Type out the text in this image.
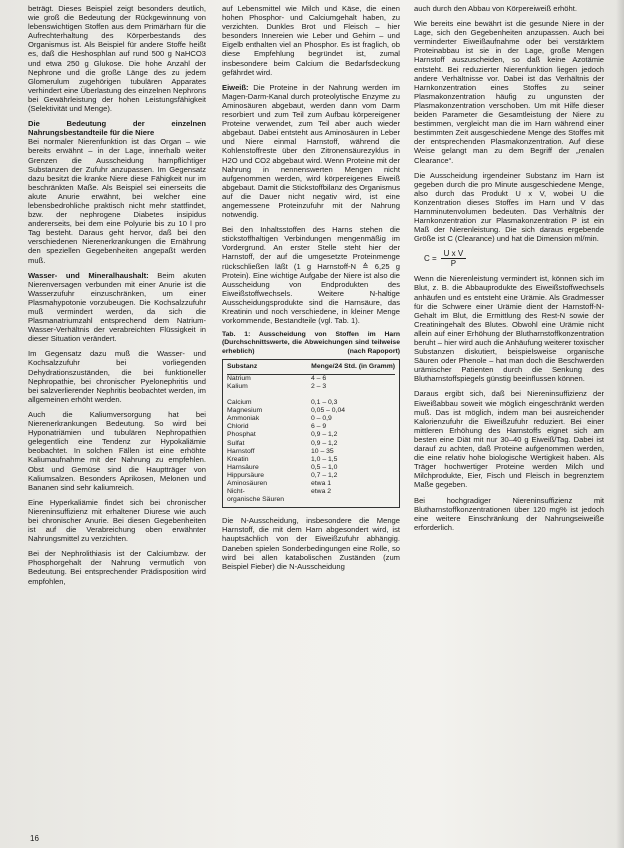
beträgt. Dieses Beispiel zeigt besonders deutlich, wie groß die Bedeutung der Rückgewinnung von lebenswichtigen Stoffen aus dem Primärharn für die Aufrechterhaltung des Körperbestands des Organismus ist. Als Beispiel für andere Stoffe heißt es, daß die Heshosphlan auf rund 500 g NaHCO3 und etwa 250 g Glukose. Die hohe Anzahl der Nephrone und die große Länge des zu jedem Glomerulum zugehörigen tubulären Apparates verhindert eine Überlastung des einzelnen Nephrons bei Gewährleistung der hohen Leistungsfähigkeit (Selektivität und Menge).

Die Bedeutung der einzelnen Nahrungsbestandteile für die Niere

Bei normaler Nierenfunktion ist das Organ – wie bereits erwähnt – in der Lage, innerhalb weiter Grenzen die Ausscheidung harnpflichtiger Substanzen der Zufuhr anzupassen. Im Gegensatz dazu besitzt die kranke Niere diese Fähigkeit nur im beschränkten Maße. Als Beispiel sei einerseits die akute Anurie erwähnt, bei welcher eine lebensbedrohliche praktisch nicht mehr stattfindet, bzw. der nephrogene Diabetes insipidus andererseits, bei dem eine Polyurie bis zu 10 l pro Tag besteht. Daraus geht hervor, daß bei den verschiedenen Nierenerkrankungen die Ernährung den speziellen Gegebenheiten angepaßt werden muß.

Wasser- und Mineralhaushalt: Beim akuten Nierenversagen verbunden mit einer Anurie ist die Wasserzufuhr einzuschränken, um einer Plasmahypotonie vorzubeugen. Die Kochsalzzufuhr muß vermindert werden, da sich die Plasmanatriumzahl entsprechend dem Natrium-Wasser-Verhältnis der verabreichten Flüssigkeit in dieser Situation verändert.

Im Gegensatz dazu muß die Wasser- und Kochsalzzufuhr bei vorliegenden Dehydrationszuständen, die bei funktioneller Nephropathie, bei chronischer Pyelonephritis und bei salzverlierender Nephritis beobachtet werden, im allgemeinen erhöht werden.

Auch die Kaliumversorgung hat bei Nierenerkrankungen Bedeutung. So wird bei Hyponatriämien und tubulären Nephropathien gelegentlich eine Tendenz zur Hypokaliämie beobachtet. In solchen Fällen ist eine erhöhte Kaliumaufnahme mit der Nahrung zu empfehlen. Obst und Gemüse sind die Hauptträger von Kaliumsalzen. Besonders Aprikosen, Melonen und Bananen sind sehr kaliumreich.

Eine Hyperkaliämie findet sich bei chronischer Niereninsuffizienz mit erhaltener Diurese wie auch bei chronischer Anurie. Bei diesen Gegebenheiten ist auf die Verabreichung oben erwähnter Nahrungsmittel zu verzichten.

Bei der Nephrolithiasis ist der Calciumbzw. der Phosphorgehalt der Nahrung vermutlich von Bedeutung. Bei entsprechender Prädisposition wird empfohlen,

auf Lebensmittel wie Milch und Käse, die einen hohen Phosphor- und Calciumgehalt haben, zu verzichten. Dunkles Brot und Fleisch – hier besonders Innereien wie Leber und Gehirn – und Eigelb enthalten viel an Phosphor. Es ist fraglich, ob diese Empfehlung begründet ist, zumal insbesondere beim Calcium die Bedarfsdeckung gefährdet wird.

Eiweiß: Die Proteine in der Nahrung werden im Magen-Darm-Kanal durch proteolytische Enzyme zu Aminosäuren abgebaut, werden dann vom Darm resorbiert und zum Teil zum Aufbau körpereigener Proteine verwendet, zum Teil aber auch wieder abgebaut. Dabei entsteht aus Aminosäuren in Leber und Niere einmal Harnstoff, während die Kohlenstoffreste über den Zitronensäurezyklus in H2O und CO2 abgebaut wird. Wenn Proteine mit der Nahrung in nennenswerten Mengen nicht aufgenommen werden, wird körpereigenes Eiweiß abgebaut. Damit die Stickstoffbilanz des Organismus auf die Dauer nicht negativ wird, ist eine angemessene Proteinzufuhr mit der Nahrung notwendig.

Bei den Inhaltsstoffen des Harns stehen die stickstoffhaltigen Verbindungen mengenmäßig im Vordergrund. An erster Stelle steht hier der Harnstoff, der auf die umgesetzte Proteinmenge rückschließen läßt (1 g Harnstoff-N ≙ 6,25 g Protein). Eine wichtige Aufgabe der Niere ist also die Ausscheidung von Endprodukten des Eiweißstoffwechsels. Weitere N-haltige Ausscheidungsprodukte sind die Harnsäure, das Kreatinin und noch verschiedene, in kleiner Menge vorkommende, Bestandteile (vgl. Tab. 1).

Tab. 1: Ausscheidung von Stoffen im Harn (Durchschnittswerte, die Abweichungen sind teilweise erheblich)	(nach Rapoport)
Substanz	Menge/24 Std. (in Gramm)
Natrium	4 – 6
Kalium	2 – 3
Calcium	0,1 – 0,3
Magnesium	0,05 – 0,04
Ammoniak	0 – 0,9
Chlorid	6 – 9
Phosphat	0,9 – 1,2
Sulfat	0,9 – 1,2
Harnstoff	10 – 35
Kreatin	1,0 – 1,5
Harnsäure	0,5 – 1,0
Hippursäure	0,7 – 1,2
Aminosäuren	etwa 1
Nicht-	etwa 2
organische Säuren

Die N-Ausscheidung, insbesondere die Menge Harnstoff, die mit dem Harn abgesondert wird, ist hauptsächlich von der Eiweißzufuhr abhängig. Daneben spielen Sonderbedingungen eine Rolle, so wird bei allen katabolischen Zuständen (zum Beispiel Fieber) die N-Ausscheidung

auch durch den Abbau von Körpereiweiß erhöht.

Wie bereits eine bewährt ist die gesunde Niere in der Lage, sich den Gegebenheiten anzupassen. Auch bei verminderter Eiweißaufnahme oder bei verstärktem Proteinabbau ist sie in der Lage, große Mengen Harnstoff auszuscheiden, so daß keine Azotämie entsteht. Bei reduzierter Nierenfunktion liegen jedoch andere Verhältnisse vor. Dabei ist das Verhältnis der Harnkonzentration eines Stoffes zu seiner Plasmakonzentration häufig zu ungunsten der Plasmakonzentration verschoben. Um mit Hilfe dieser beiden Parameter die Gesamtleistung der Niere zu bestimmen, vergleicht man die im Harn während einer bestimmten Zeit ausgeschiedene Menge des Stoffes mit der entsprechenden Plasmakonzentration. Auf diese Weise gelangt man zu dem Begriff der „renalen Clearance“.

Die Ausscheidung irgendeiner Substanz im Harn ist gegeben durch die pro Minute ausgeschiedene Menge, also durch das Produkt U x V, wobei U die Konzentration dieses Stoffes im Harn und V das Harnminutenvolumen bedeuten. Das Verhältnis der Harnkonzentration zur Plasmakonzentration P ist ein Maß der Nierenleistung. Die sich daraus ergebende Größe ist C (Clearance) und hat die Dimension ml/min.

$C = \frac{\text{U x V}}{P}$

Wenn die Nierenleistung vermindert ist, können sich im Blut, z. B. die Abbauprodukte des Eiweißstoffwechsels anhäufen und es entsteht eine Urämie. Als Gradmesser für die Schwere einer Urämie dient der Harnstoff-N-Gehalt im Blut, die Ermittlung des Rest-N sowie der Creatiningehalt des Blutes. Obwohl eine Urämie nicht allein auf einer Erhöhung der Blutharnstoffkonzentration beruht – hier wird auch die Anhäufung weiterer toxischer Substanzen diskutiert, beispielsweise organische Säuren oder Phenole – hat man doch die Beschwerden urämischer Patienten durch die Senkung des Blutharnstoffspiegels günstig beeinflussen können.

Daraus ergibt sich, daß bei Niereninsuffizienz der Eiweißabbau soweit wie möglich eingeschränkt werden muß. Das ist möglich, indem man bei ausreichender Kalorienzufuhr die Eiweißzufuhr reduziert. Bei einer mittleren Erhöhung des Harnstoffs eignet sich am besten eine Diät mit nur 30–40 g Eiweiß/Tag. Dabei ist darauf zu achten, daß Proteine aufgenommen werden, die eine relativ hohe biologische Wertigkeit haben. Als Träger hochwertiger Proteine werden Milch und Milchprodukte, Eier, Fisch und Fleisch in begrenztem Maße gegeben.

Bei hochgradiger Niereninsuffizienz mit Blutharnstoffkonzentrationen über 120 mg% ist jedoch eine weitere Einschränkung der Nahrungseiweiße erforderlich.

16
